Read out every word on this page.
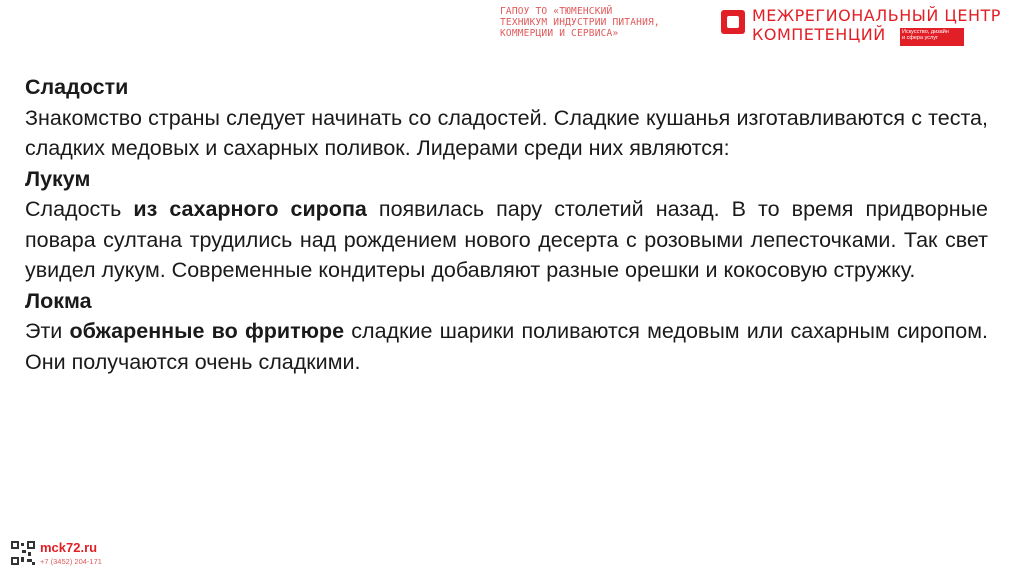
ГАПОУ ТО «ТЮМЕНСКИЙ
ТЕХНИКУМ ИНДУСТРИИ ПИТАНИЯ,
КОММЕРЦИИ И СЕРВИСА»
МЕЖРЕГИОНАЛЬНЫЙ ЦЕНТР
КОМПЕТЕНЦИЙ	Искусство, дизайн
и сфера услуг

Сладости

Знакомство страны следует начинать со сладостей. Сладкие кушанья изготавливаются с теста, сладких медовых и сахарных поливок. Лидерами среди них являются:

Лукум

Сладость из сахарного сиропа появилась пару столетий назад. В то время придворные повара султана трудились над рождением нового десерта с розовыми лепесточками. Так свет увидел лукум. Современные кондитеры добавляют разные орешки и кокосовую стружку.

Локма

Эти обжаренные во фритюре сладкие шарики поливаются медовым или сахарным сиропом. Они получаются очень сладкими.

mck72.ru
+7 (3452) 204-171
